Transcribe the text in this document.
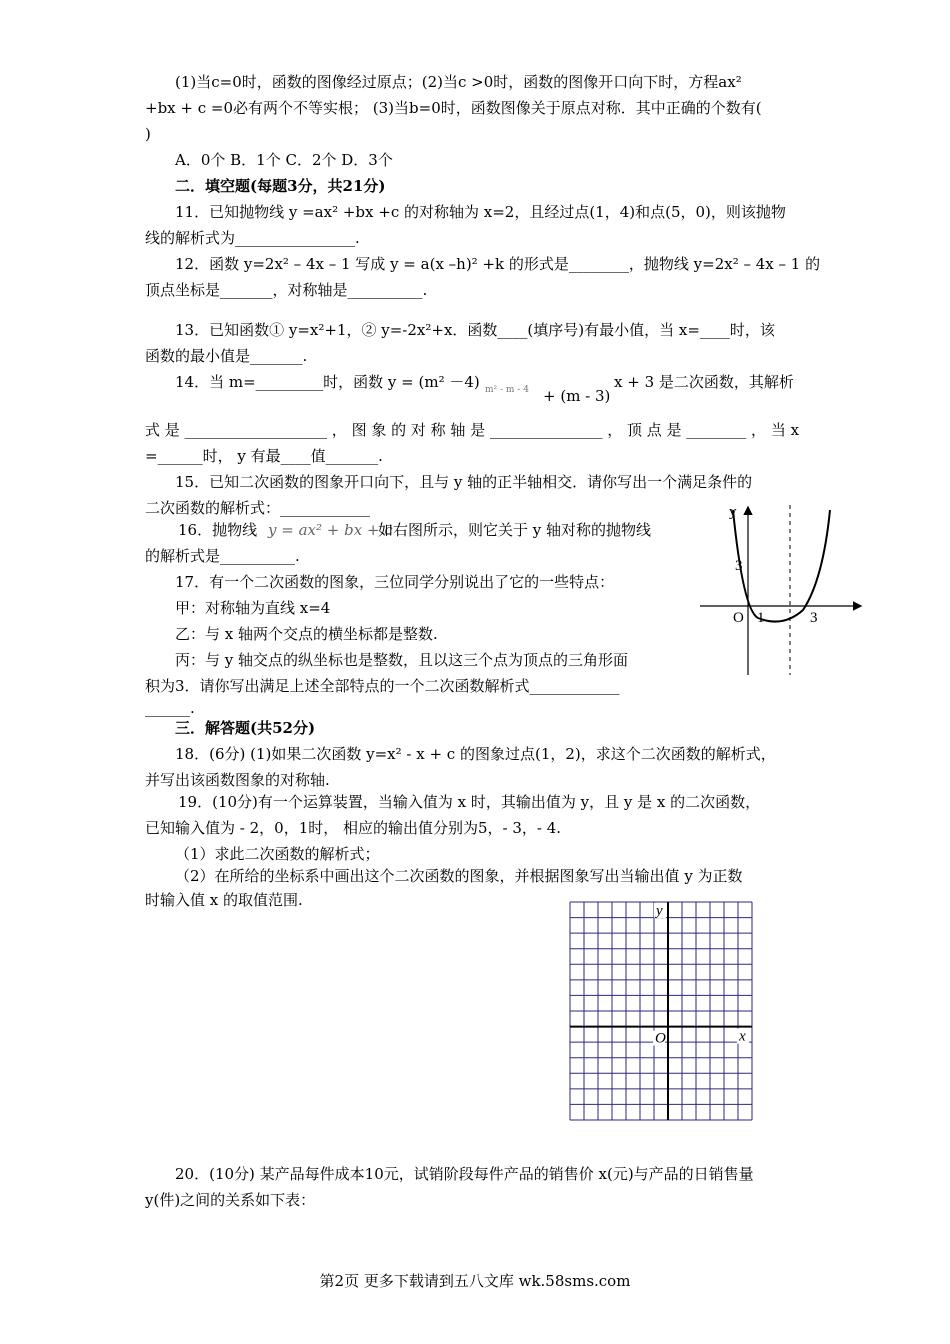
(1)当c=0时，函数的图像经过原点；(2)当c >0时，函数的图像开口向下时，方程ax²
+bx + c =0必有两个不等实根； (3)当b=0时，函数图像关于原点对称．其中正确的个数有(
)
A．0个 B．1个 C．2个 D．3个
二．填空题(每题3分，共21分)
11．已知抛物线 y =ax² +bx +c 的对称轴为 x=2，且经过点(1，4)和点(5，0)，则该抛物
线的解析式为________________.
12．函数 y=2x² – 4x – 1 写成 y = a(x –h)² +k 的形式是________，抛物线 y=2x² – 4x – 1 的
顶点坐标是_______，对称轴是__________.
13．已知函数① y=x²+1，② y=-2x²+x．函数____(填序号)有最小值，当 x=____时，该
函数的最小值是_______.
14．当 m=_________时，函数 y = (m² －4) m² - m - 4 + (m - 3)
x + 3 是二次函数，其解析
式 是 ___________________ ， 图 象 的 对 称 轴 是 _______________ ， 顶 点 是 ________ ， 当 x
=______时， y 有最____值_______.
15．已知二次函数的图象开口向下，且与 y 轴的正半轴相交．请你写出一个满足条件的
二次函数的解析式：____________
16．抛物线 y = ax² + bx + c
如右图所示，则它关于 y 轴对称的抛物线
的解析式是__________.
17．有一个二次函数的图象，三位同学分别说出了它的一些特点：
甲：对称轴为直线 x=4
乙：与 x 轴两个交点的横坐标都是整数.
丙：与 y 轴交点的纵坐标也是整数，且以这三个点为顶点的三角形面
积为3．请你写出满足上述全部特点的一个二次函数解析式____________
______.
y
3
O 1	3
三．解答题(共52分)
18．(6分) (1)如果二次函数 y=x² - x + c 的图象过点(1，2)，求这个二次函数的解析式，
并写出该函数图象的对称轴.
19．(10分)有一个运算装置，当输入值为 x 时，其输出值为 y，且 y 是 x 的二次函数，
已知输入值为 - 2，0，1时， 相应的输出值分别为5，- 3，- 4.
（1）求此二次函数的解析式；
（2）在所给的坐标系中画出这个二次函数的图象，并根据图象写出当输出值 y 为正数
时输入值 x 的取值范围.
y
x
O
20．(10分) 某产品每件成本10元，试销阶段每件产品的销售价 x(元)与产品的日销售量
y(件)之间的关系如下表：
第2页 更多下载请到五八文库 wk.58sms.com
